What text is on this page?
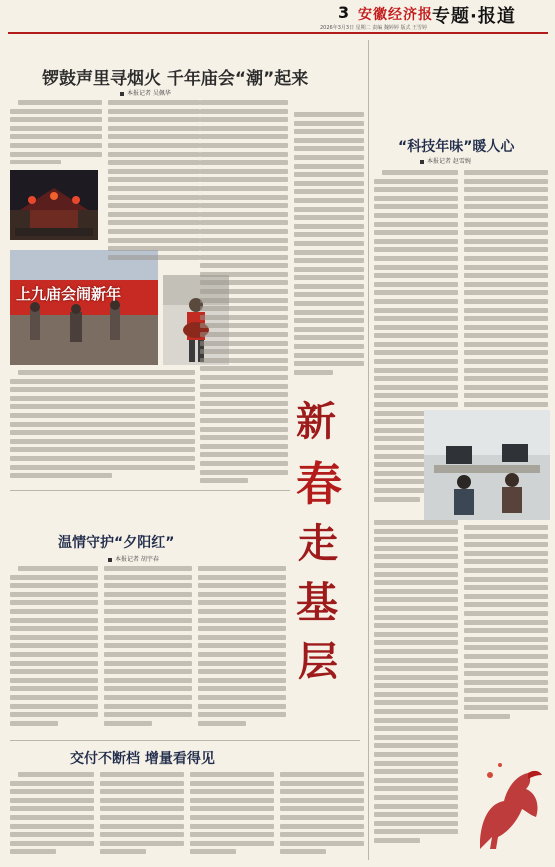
3 安徽经济报 专题·报道
2026年3月3日 星期二 责编 魏婷婷 版式 王雪婷
锣鼓声里寻烟火 千年庙会“潮”起来
本报记者 吴佩华
上九庙会闹新年
温情守护“夕阳红”
本报记者 胡宇春
交付不断档 增量看得见
新
春
走
基
层
“科技年味”暖人心
本报记者 赵雪婉
